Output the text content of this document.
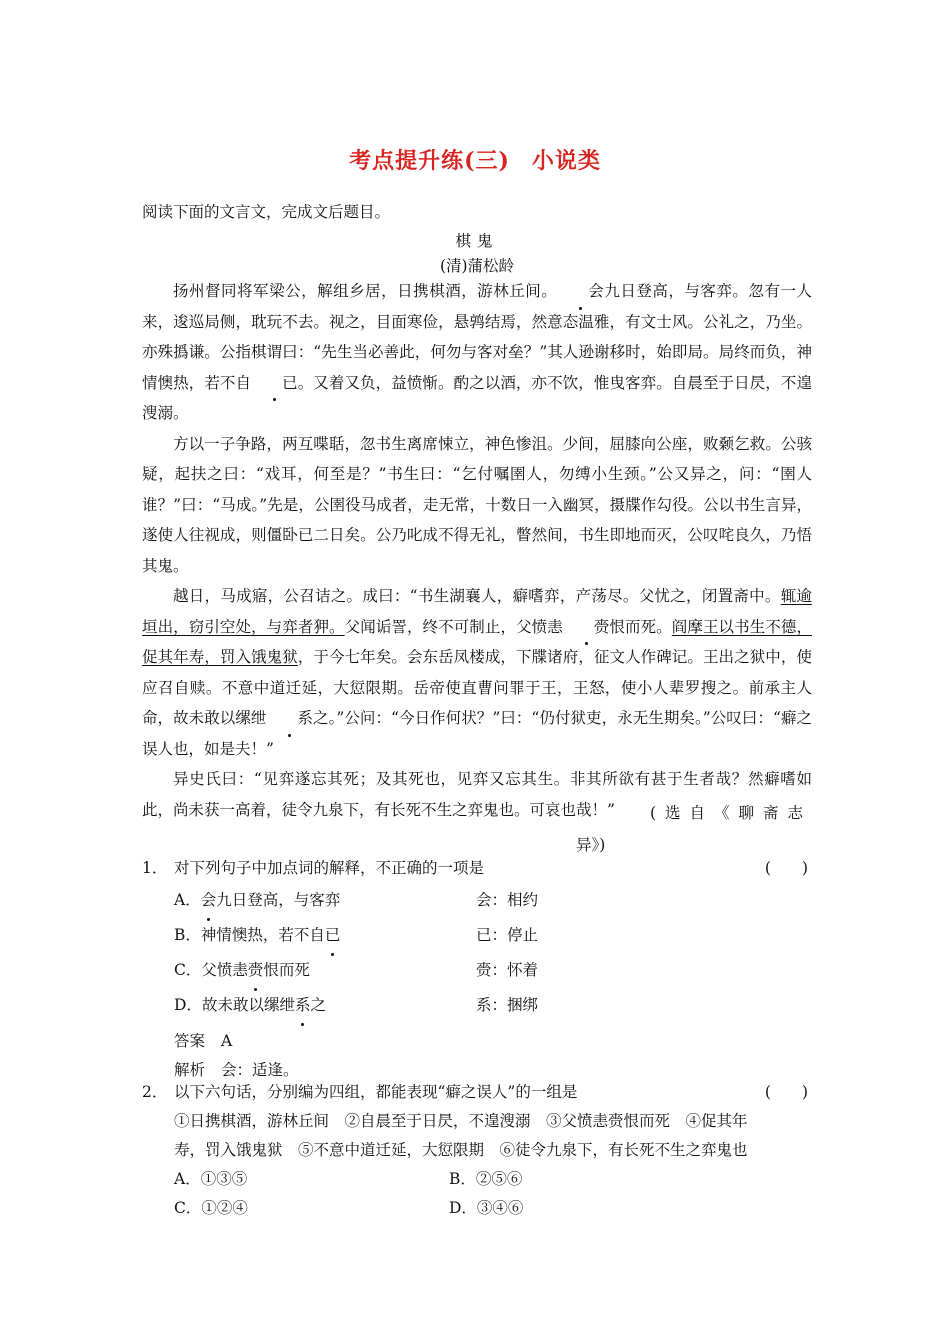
考点提升练(三) 小说类
阅读下面的文言文，完成文后题目。
棋鬼
(清)蒲松龄

扬州督同将军梁公，解组乡居，日携棋酒，游林丘间。 会九日登高，与客弈。忽有一人来，逡巡局侧，耽玩不去。视之，目面寒俭，悬鹑结焉，然意态温雅，有文士风。公礼之，乃坐。亦殊撝谦。公指棋谓曰：“先生当必善此，何勿与客对垒？”其人逊谢移时，始即局。局终而负，神情懊热，若不自 已。又着又负，益愤惭。酌之以酒，亦不饮，惟曳客弈。自晨至于日昃，不遑溲溺。

方以一子争路，两互喋聒，忽书生离席悚立，神色惨沮。少间，屈膝向公座，败颡乞救。公骇疑，起扶之曰：“戏耳，何至是？”书生曰：“乞付嘱圉人，勿缚小生颈。”公又异之，问：“圉人谁？”曰：“马成。”先是，公圉役马成者，走无常，十数日一入幽冥，摄牒作勾役。公以书生言异，遂使人往视成，则僵卧已二日矣。公乃叱成不得无礼，瞥然间，书生即地而灭，公叹咤良久，乃悟其鬼。

越日，马成寤，公召诘之。成曰：“书生湖襄人，癖嗜弈，产荡尽。父忧之，闭置斋中。辄逾垣出，窃引空处，与弈者狎。父闻诟詈，终不可制止，父愤恚 赍恨而死。阎摩王以书生不德，促其年寿，罚入饿鬼狱，于今七年矣。会东岳凤楼成，下牒诸府，征文人作碑记。王出之狱中，使应召自赎。不意中道迁延，大愆限期。岳帝使直曹问罪于王，王怒，使小人辈罗搜之。前承主人命，故未敢以缧绁 系之。”公问：“今日作何状？”曰：“仍付狱吏，永无生期矣。”公叹曰：“癖之误人也，如是夫！”

异史氏曰：“见弈遂忘其死；及其死也，见弈又忘其生。非其所欲有甚于生者哉？然癖嗜如此，尚未获一高着，徒令九泉下，有长死不生之弈鬼也。可哀也哉！”	(选自《聊斋志
异》)
1． 对下列句子中加点词的解释，不正确的一项是	(　　)
A．会九日登高，与客弈	会：相约
B．神情懊热，若不自已	已：停止
C．父愤恚赍恨而死	赍：怀着
D．故未敢以缧绁系之	系：捆绑
答案 A
解析 会：适逢。
2． 以下六句话，分别编为四组，都能表现“癖之误人”的一组是	(　　)
①日携棋酒，游林丘间　②自晨至于日昃，不遑溲溺　③父愤恚赍恨而死　④促其年
寿，罚入饿鬼狱　⑤不意中道迁延，大愆限期　⑥徒令九泉下，有长死不生之弈鬼也
A．①③⑤	B．②⑤⑥
C．①②④	D．③④⑥
